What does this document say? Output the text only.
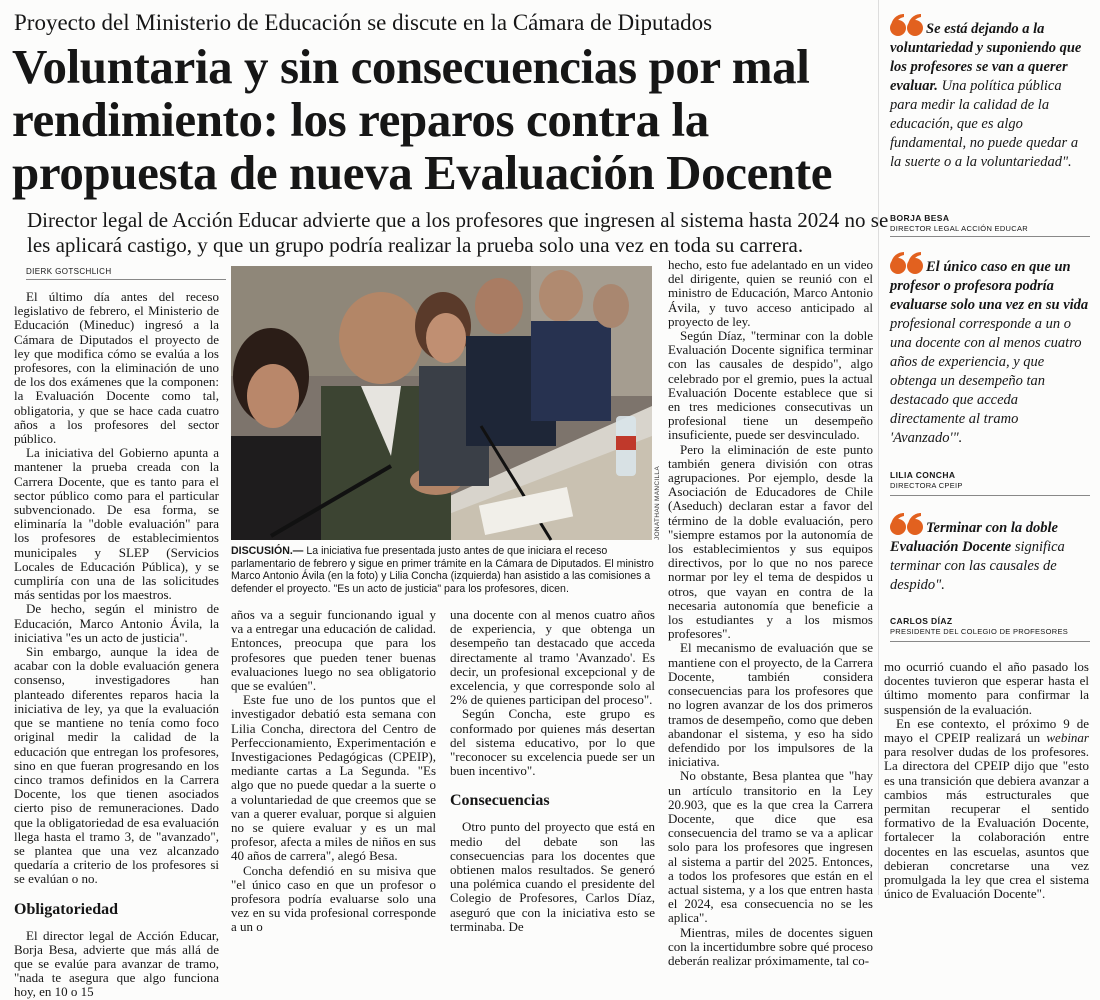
Proyecto del Ministerio de Educación se discute en la Cámara de Diputados
Voluntaria y sin consecuencias por mal
rendimiento: los reparos contra la
propuesta de nueva Evaluación Docente
Director legal de Acción Educar advierte que a los profesores que ingresen al sistema hasta 2024 no se
les aplicará castigo, y que un grupo podría realizar la prueba solo una vez en toda su carrera.
DIERK GOTSCHLICH

El último día antes del receso legislativo de febrero, el Ministerio de Educación (Mineduc) ingresó a la Cámara de Diputados el proyecto de ley que modifica cómo se evalúa a los profesores, con la eliminación de uno de los dos exámenes que la componen: la Evaluación Docente como tal, obligatoria, y que se hace cada cuatro años a los profesores del sector público.

La iniciativa del Gobierno apunta a mantener la prueba creada con la Carrera Docente, que es tanto para el sector público como para el particular subvencionado. De esa forma, se eliminaría la "doble evaluación" para los profesores de establecimientos municipales y SLEP (Servicios Locales de Educación Pública), y se cumpliría con una de las solicitudes más sentidas por los maestros.

De hecho, según el ministro de Educación, Marco Antonio Ávila, la iniciativa "es un acto de justicia".

Sin embargo, aunque la idea de acabar con la doble evaluación genera consenso, investigadores han planteado diferentes reparos hacia la iniciativa de ley, ya que la evaluación que se mantiene no tenía como foco original medir la calidad de la educación que entregan los profesores, sino en que fueran progresando en los cinco tramos definidos en la Carrera Docente, los que tienen asociados cierto piso de remuneraciones. Dado que la obligatoriedad de esa evaluación llega hasta el tramo 3, de "avanzado", se plantea que una vez alcanzado quedaría a criterio de los profesores si se evalúan o no.

Obligatoriedad

El director legal de Acción Educar, Borja Besa, advierte que más allá de que se evalúe para avanzar de tramo, "nada te asegura que algo funciona hoy, en 10 o 15

JONATHAN MANCILLA
DISCUSIÓN.— La iniciativa fue presentada justo antes de que iniciara el receso parlamentario de febrero y sigue en primer trámite en la Cámara de Diputados. El ministro Marco Antonio Ávila (en la foto) y Lilia Concha (izquierda) han asistido a las comisiones a defender el proyecto. "Es un acto de justicia" para los profesores, dicen.

años va a seguir funcionando igual y va a entregar una educación de calidad. Entonces, preocupa que para los profesores que pueden tener buenas evaluaciones luego no sea obligatorio que se evalúen".

Este fue uno de los puntos que el investigador debatió esta semana con Lilia Concha, directora del Centro de Perfeccionamiento, Experimentación e Investigaciones Pedagógicas (CPEIP), mediante cartas a La Segunda. "Es algo que no puede quedar a la suerte o a voluntariedad de que creemos que se van a querer evaluar, porque si alguien no se quiere evaluar y es un mal profesor, afecta a miles de niños en sus 40 años de carrera", alegó Besa.

Concha defendió en su misiva que "el único caso en que un profesor o profesora podría evaluarse solo una vez en su vida profesional corresponde a un o

una docente con al menos cuatro años de experiencia, y que obtenga un desempeño tan destacado que acceda directamente al tramo 'Avanzado'. Es decir, un profesional excepcional y de excelencia, y que corresponde solo al 2% de quienes participan del proceso".

Según Concha, este grupo es conformado por quienes más desertan del sistema educativo, por lo que "reconocer su excelencia puede ser un buen incentivo".

Consecuencias

Otro punto del proyecto que está en medio del debate son las consecuencias para los docentes que obtienen malos resultados. Se generó una polémica cuando el presidente del Colegio de Profesores, Carlos Díaz, aseguró que con la iniciativa esto se terminaba. De

hecho, esto fue adelantado en un video del dirigente, quien se reunió con el ministro de Educación, Marco Antonio Ávila, y tuvo acceso anticipado al proyecto de ley.

Según Díaz, "terminar con la doble Evaluación Docente significa terminar con las causales de despido", algo celebrado por el gremio, pues la actual Evaluación Docente establece que si en tres mediciones consecutivas un profesional tiene un desempeño insuficiente, puede ser desvinculado.

Pero la eliminación de este punto también genera división con otras agrupaciones. Por ejemplo, desde la Asociación de Educadores de Chile (Aseduch) declaran estar a favor del término de la doble evaluación, pero "siempre estamos por la autonomía de los establecimientos y sus equipos directivos, por lo que no nos parece normar por ley el tema de despidos u otros, que vayan en contra de la necesaria autonomía que beneficie a los estudiantes y a los mismos profesores".

El mecanismo de evaluación que se mantiene con el proyecto, de la Carrera Docente, también considera consecuencias para los profesores que no logren avanzar de los dos primeros tramos de desempeño, como que deben abandonar el sistema, y eso ha sido defendido por los impulsores de la iniciativa.

No obstante, Besa plantea que "hay un artículo transitorio en la Ley 20.903, que es la que crea la Carrera Docente, que dice que esa consecuencia del tramo se va a aplicar solo para los profesores que ingresen al sistema a partir del 2025. Entonces, a todos los profesores que están en el actual sistema, y a los que entren hasta el 2024, esa consecuencia no se les aplica".

Mientras, miles de docentes siguen con la incertidumbre sobre qué proceso deberán realizar próximamente, tal co-

mo ocurrió cuando el año pasado los docentes tuvieron que esperar hasta el último momento para confirmar la suspensión de la evaluación.

En ese contexto, el próximo 9 de mayo el CPEIP realizará un webinar para resolver dudas de los profesores. La directora del CPEIP dijo que "esto es una transición que debiera avanzar a cambios más estructurales que permitan recuperar el sentido formativo de la Evaluación Docente, fortalecer la colaboración entre docentes en las escuelas, asuntos que debieran concretarse una vez promulgada la ley que crea el sistema único de Evaluación Docente".

Se está dejando a la voluntariedad y suponiendo que los profesores se van a querer evaluar. Una política pública para medir la calidad de la educación, que es algo fundamental, no puede quedar a la suerte o a la voluntariedad".
BORJA BESA
DIRECTOR LEGAL ACCIÓN EDUCAR
El único caso en que un profesor o profesora podría evaluarse solo una vez en su vida profesional corresponde a un o una docente con al menos cuatro años de experiencia, y que obtenga un desempeño tan destacado que acceda directamente al tramo 'Avanzado'".
LILIA CONCHA
DIRECTORA CPEIP
Terminar con la doble Evaluación Docente significa terminar con las causales de despido".
CARLOS DÍAZ
PRESIDENTE DEL COLEGIO DE PROFESORES
